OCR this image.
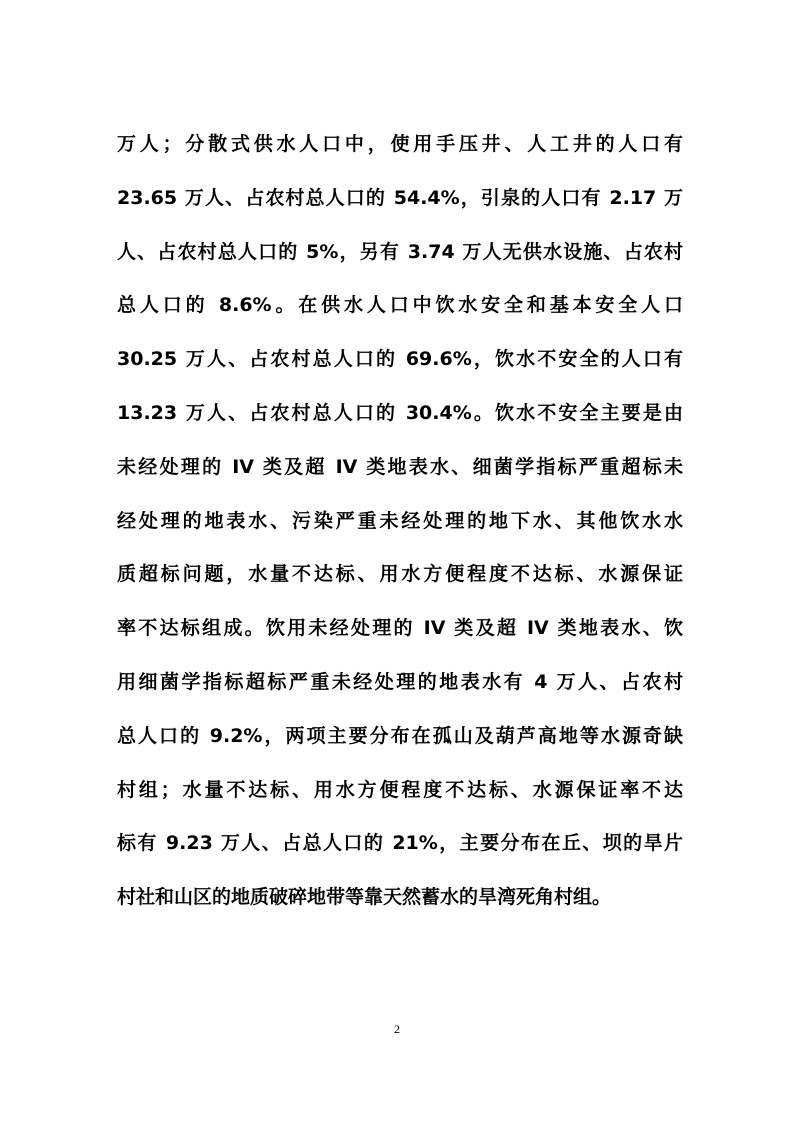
万人；分散式供水人口中，使用手压井、人工井的人口有
23.65 万人、占农村总人口的 54.4%，引泉的人口有 2.17 万
人、占农村总人口的 5%，另有 3.74 万人无供水设施、占农村
总人口的 8.6%。在供水人口中饮水安全和基本安全人口
30.25 万人、占农村总人口的 69.6%，饮水不安全的人口有
13.23 万人、占农村总人口的 30.4%。饮水不安全主要是由
未经处理的 IV 类及超 IV 类地表水、细菌学指标严重超标未
经处理的地表水、污染严重未经处理的地下水、其他饮水水
质超标问题，水量不达标、用水方便程度不达标、水源保证
率不达标组成。饮用未经处理的 IV 类及超 IV 类地表水、饮
用细菌学指标超标严重未经处理的地表水有 4 万人、占农村
总人口的 9.2%，两项主要分布在孤山及葫芦高地等水源奇缺
村组；水量不达标、用水方便程度不达标、水源保证率不达
标有 9.23 万人、占总人口的 21%，主要分布在丘、坝的旱片
村社和山区的地质破碎地带等靠天然蓄水的旱湾死角村组。
2
